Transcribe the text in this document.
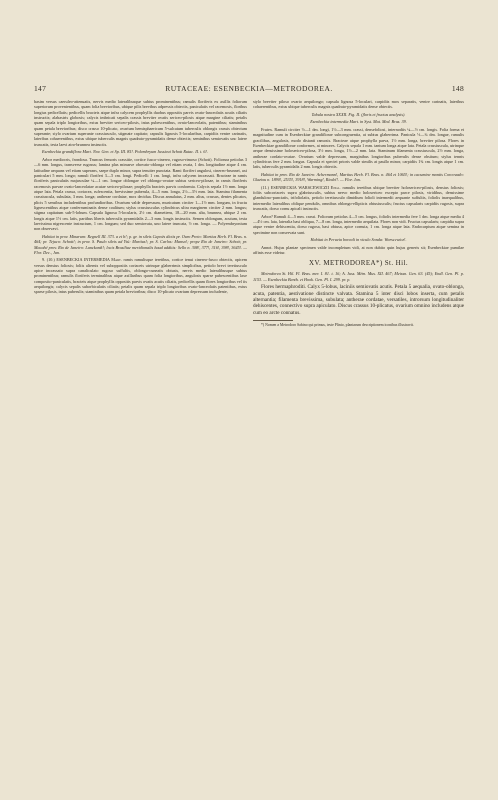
147	RUTACEAE: ESENBECKIA—METRODOREA.	148

basim versus caeruleo-attenuatis, nervis medio lateralibusque subtus prominentibus; ramulis floriferis ex axillis foliorum superiorum provenientibus, quam folia brevioribus, ubique pilis brevibus adpressis obtectis, paniculatis vel racemosis, floribus longius pedicellatis; pedicellis bracteis atque infra calycem prophyllis duobus oppositis parvis ovato-lanceolatis acutis ciliatis instructis; alabastris globosis; calycis imbricati sepalis crassis breviter ovatis sericeo-pilosis atque margine ciliatis; petalis quam sepala triplo longioribus, extus breviter sericeo-pilosis, intus pubescentibus, ovato-lanceolatis, patentibus; staminibus quam petala brevioribus; disco crasso 10-plicato, ovarium hemisphaericum 5-sulcatum tuberculis oblongis crassis obtectum superante; stylo ovarium superante crassiusculo, stigmate capitato; capsulis lignosis 5-locularibus, carpidiis ventre carinatis, lateribus cohaerentibus, extus ubique tuberculis magnis quadrato-pyramidatis dense obtectis; seminibus semiovatis unc latere truncatis, testa laevi atro-brunnea instructis.

Esenbeckia grandiflora Mart. Nov. Gen. et Sp. III. 85!. Polembryum Jussieui Schott Rutac. II. t. 6!.

Arbor mediocris, frondosa. Truncus femoris crassitie, cortice fusco-cinereo, rugoso-rimoso (Schott). Folioruм petiolus 3—6 mm. longus, transverse rugosus; lamina plus minusve obovato-oblonga vel etiam ovata, 1 dm. longitudine atque 4 cm. latitudine aequans vel etiam superans, saepe duplo minor, supra tenuiter punctata. Rami floriferi angulosi, cinereo-brunnei, axi paniculari 5 mm. longo; ramuli floriferi 3—5 cm. longi. Pedicelli 1 cm. longi, infra calycem incrassati. Bracteae in ramis floriferis paniculatis majusculae ¼—1 cm. longae oblongae vel oblongo-ovatae subtus sericeo-pilosae, in ramis floriferis racemosis parvae ovato-lanceolatae acutae sericeo-pilosae; prophylla bracteis parvis conformia. Calycis sepala 1½ mm. longa atque lata. Petala crassa, coriacea, rufescentia, brevissime puberula, 4—5 mm. longa, 2½—3½ mm. lata. Stamina filamenta crassiuscula, subulata, 3 mm. longa; antherae cordatae, mox decidua. Discus annulatus, 2 mm. altus, crassus, dentes plicatos, plicis 5 sensibus includentibus profundioribus. Ovarium valde depressum, muricatum circiter 1—1½ mm. longum, in fructu lignescentibus atque conferruminatis dense coalitum; stylus crassiusculus cylindricus ultra marginem circiter 2 mm. longus; stigma capitatum sub-5-lobum. Capsula lignosa 5-locularis, 2½ cm. diametiens, 18—20 mm. alta, brunnea, ubique 2 cm. longis atque 1½ cm. latis, partibus liberis tuberculis pyramidalis 2—3 mm. longis instructis. Semen oblongum, acutum, testa laevissima nigrescente instructum, 1 cm. longum; sed duo semiovata, uno latere truncata, ½ cm. longa. — Polyembryonium non observavi.

Habitat in prov. Minarum: Regnell III. 373. a et b!; p. gr. in silvis Capoës dictis pr. Ouro Preto: Martius Herb. Fl. Bras. n. 464; pr. Tejuco: Schott!; in prov. S. Paulo silvis ad Ytú: Martius!; pr. S. Carlos: Manso!; prope Rio de Janeiro: Schott; pr. Macahé prov. Rio de Janeiro: Lanckardt!; locis Brasiliae meridionalis haud additis: Sello n. 308!, 377!, 316!, 398!, 3645!. — Flor. Dec., Jan.

9. (10.) ESENBECKIA INTERMEDIA Mart. ramis ramulisque teretibus, cortice tenui cinereo-fusco obtectis, apicem versus densius foliosis; foliis alternis vel suboppositis coriaceis utrinque glaberrimis simplicibus, petiolo brevi teretiusculo apice incrassato supra canaliculato rugoso suffultis, oblongo-cuneatis obtusis, nervis medio lateralibusque subtus prominentibus; ramulis floriferis terminalibus atque axillaribus quam folia longioribus, angulosis sparse pubescentibus laxe composito-paniculatis, bracteis atque prophyllis oppositis parvis ovatis acutis ciliatis, pedicellis quam flores longioribus vel iis aequilongis; calycis sepalis suborbiculatis ciliatis; petalis quam sepala triplo longioribus ovato-lanceolatis patentibus, extus sparse pilosis, intus puberulis; staminibus quam petala brevioribus; disco 10-plicato ovarium depressum includente,

stylo breviter piloso ovario aequilongo; capsula lignosa 5-loculari, carpidiis mox separatis, ventre carinatis, lateribus cohaerentibus, extus ubique tuberculis magnis quadrato-pyramidatis dense obtectis.

Tabula nostra XXXII. Fig. II. (floris et fructus analysis).

Esenbeckia intermedia Mart. in Syst. Mat. Med. Bras. 39.

Frutex. Ramuli circiter ½—1 dm. longi, 1½—3 mm. crassi, densefoliosi, internodiis ¼—½ cm. longis. Folia forma et magnitudine cum in Esenbeckiae grandiflorae subcongruentia, at subtus glaberrima. Panicula ½—¾ dm. longae, ramulis gracilibus, angulosis, modo distanti ramosis. Bracteae atque prophylla parva, 1½ mm. longa, breviter pilosa. Flores in Esenbeckiae grandiflorae conformes, at minores. Calycis sepala 1 mm. tantum longa atque lata. Petala crassiuscula, utrinque aeque densissime holosericeo-pilosa, 3½ mm. longa, 1½—2 mm. lata. Staminum filamenta crassiuscula, 2½ mm. longa, antherae cordato-ovatae. Ovarium valde depressum, marginibus longioribus puberulis dense obsitum; stylus tennis cylindricus fere 2 mm. longus. Capsula ei speciei prioris valde similis at paullo minor, carpidiis 1¾ cm. longis atque 1 cm. latis, tuberculis pyramidalis 2 mm. longis obtectis.

Habitat in prov. Rio de Janeiro: Achermann!, Martius Herb. Fl. Bras. n. 464 et 1065!; in cacumine montis Corcovado: Glaziou n. 1890!, 2535!, 3918!, Warming!, Riedel!. — Flor. Jan.

(11.) ESENBECKIA WARSCEWICZII Engl. ramulis teretibus ubique breviter holosericeo-pilosis, densius foliosis; foliis subcoriaceis supra glabriusculis, subtus nervo medio holosericeo excepto parce pilosis, viridibus, densissime glanduloso-punctatis, trifoliolatis, petiolo teretiusculo dimidium folioli intermedii aequante suffultis, foliolis inaequalibus, intermedio lateralibus oblique pendulis, omnibus oblongo-ellipticis obtusiusculis; fructus capsularis carpidiis rugosis, supra truncatis, dorso cornu apicali instructis.

Arbor? Ramuli 4—5 mm. crassi. Foliorum petiolus 4—5 cm. longus, foliolis intermedia fere 1 dm. longa atque media 4—4½ cm. lata, lateralia basi obliqua, 7—8 cm. longa, intermedio aequilata. Flores non vidi. Fructus capsularis; carpidia supra atque ventre dehiscentia, dorso rugosa, basi obtusa, apice cornuta, 1 cm. longa atque lata. Endocarpium atque semina in specimine non conservata sunt.

Habitat in Peruvia boreali in viculo Sonda: Warscewicz!.

Annot. Hujus plantae specimen valde incompletum vidi, at non dubito quin hujus generis sit; Esenbeckiae pumilae affinis esse videtur.

XV. METRODOREA*) St. Hil.

Metrodorea St. Hil. Fl. Bras. mer. I. 81. t. 16; A. Juss. Mém. Mus. XII. 467; Meissn. Gen. 63. (45); Endl. Gen. Pl. p. 1153. — Esenbeckia Benth. et Hook. Gen. Pl. I. 299. pr. p.

Flores hermaphroditi. Calyx 5-lobus, laciniis semiovatis acutis. Petala 5 aequalia, ovato-oblonga, acuta, patentia, aestivatione distincte valvata. Stamina 5 inter disci lobos inserta, cum petalis alternantia; filamenta brevissima, subulata; antherae cordatae, versatiles, introrsum longitudinaliter dehiscentes, connectivo supra apiculato. Discus crassus 10-plicatus, ovarium omnino includens atque cum eo arcte connatus.

*) Nomen a Metrodoro Sabino qui primus, teste Plinio, plantarum descriptionem iconibus illustravit.
